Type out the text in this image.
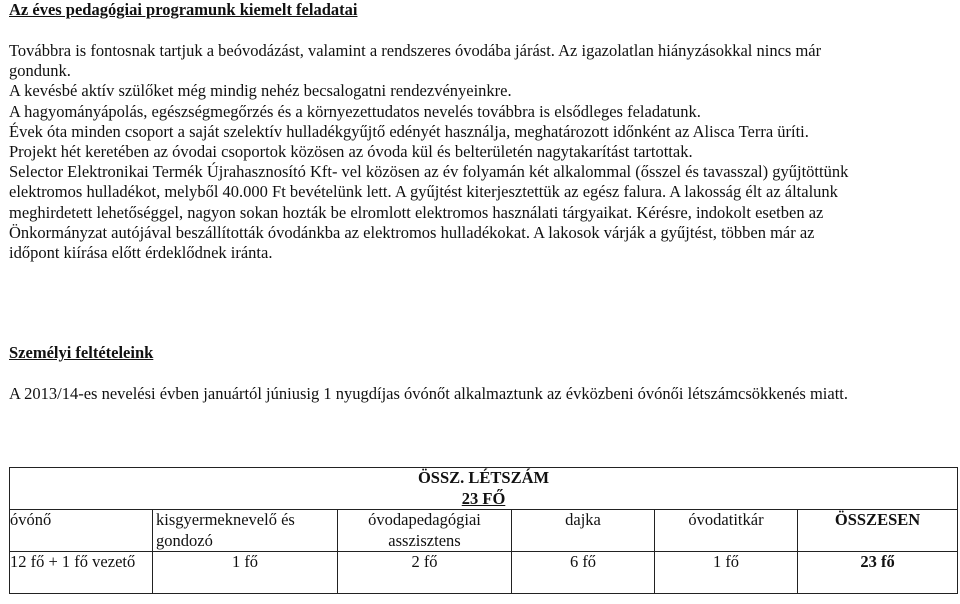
Az éves pedagógiai programunk kiemelt feladatai

Továbbra is fontosnak tartjuk a beóvodázást, valamint a rendszeres óvodába járást. Az igazolatlan hiányzásokkal nincs már

gondunk.

A kevésbé aktív szülőket még mindig nehéz becsalogatni rendezvényeinkre.

A hagyományápolás, egészségmegőrzés és a környezettudatos nevelés továbbra is elsődleges feladatunk.

Évek óta minden csoport a saját szelektív hulladékgyűjtő edényét használja, meghatározott időnként az Alisca Terra üríti.

Projekt hét keretében az óvodai csoportok közösen az óvoda kül és belterületén nagytakarítást tartottak.

Selector Elektronikai Termék Újrahasznosító Kft- vel közösen az év folyamán két alkalommal (ősszel és tavasszal) gyűjtöttünk

elektromos hulladékot, melyből 40.000 Ft bevételünk lett. A gyűjtést kiterjesztettük az egész falura. A lakosság élt az általunk

meghirdetett lehetőséggel, nagyon sokan hozták be elromlott elektromos használati tárgyaikat. Kérésre, indokolt esetben az

Önkormányzat autójával beszállították óvodánkba az elektromos hulladékokat. A lakosok várják a gyűjtést, többen már az

időpont kiírása előtt érdeklődnek iránta.

Személyi feltételeink
A 2013/14-es nevelési évben januártól júniusig 1 nyugdíjas óvónőt alkalmaztunk az évközbeni óvónői létszámcsökkenés miatt.
ÖSSZ. LÉTSZÁM
23 FŐ					

óvónő	kisgyermeknevelő és gondozó	óvodapedagógiai asszisztens	dajka	óvodatitkár	ÖSSZESEN
12 fő + 1 fő vezető	1 fő	2 fő	6 fő	1 fő	23 fő
